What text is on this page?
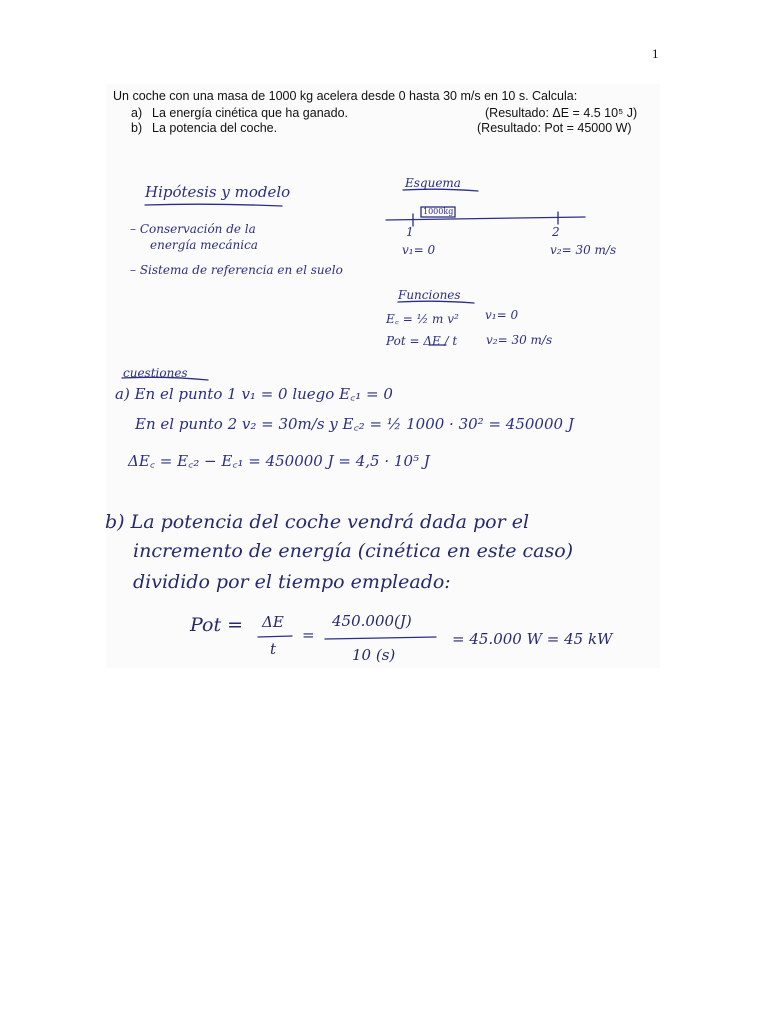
1
Un coche con una masa de 1000 kg acelera desde 0 hasta 30 m/s en 10 s. Calcula:
a) La energía cinética que ha ganado.	(Resultado: ΔE = 4.5 10⁵ J)
b) La potencia del coche.	(Resultado: Pot = 45000 W)
Hipótesis y modelo
– Conservación de la
energía mecánica
– Sistema de referencia en el suelo
Esquema
1000kg
1	2
v₁= 0	v₂= 30 m/s
Funciones
E꜀ = ½ m v² v₁= 0
Pot = ΔE / t v₂= 30 m/s
cuestiones
a) En el punto 1 v₁ = 0 luego E꜀₁ = 0
En el punto 2 v₂ = 30m/s y E꜀₂ = ½ 1000 · 30² = 450000 J
ΔE꜀ = E꜀₂ − E꜀₁ = 450000 J = 4,5 · 10⁵ J
b) La potencia del coche vendrá dada por el
incremento de energía (cinética en este caso)
dividido por el tiempo empleado:
Pot = ΔE
t
=
450.000(J)
10 (s)
= 45.000 W = 45 kW
